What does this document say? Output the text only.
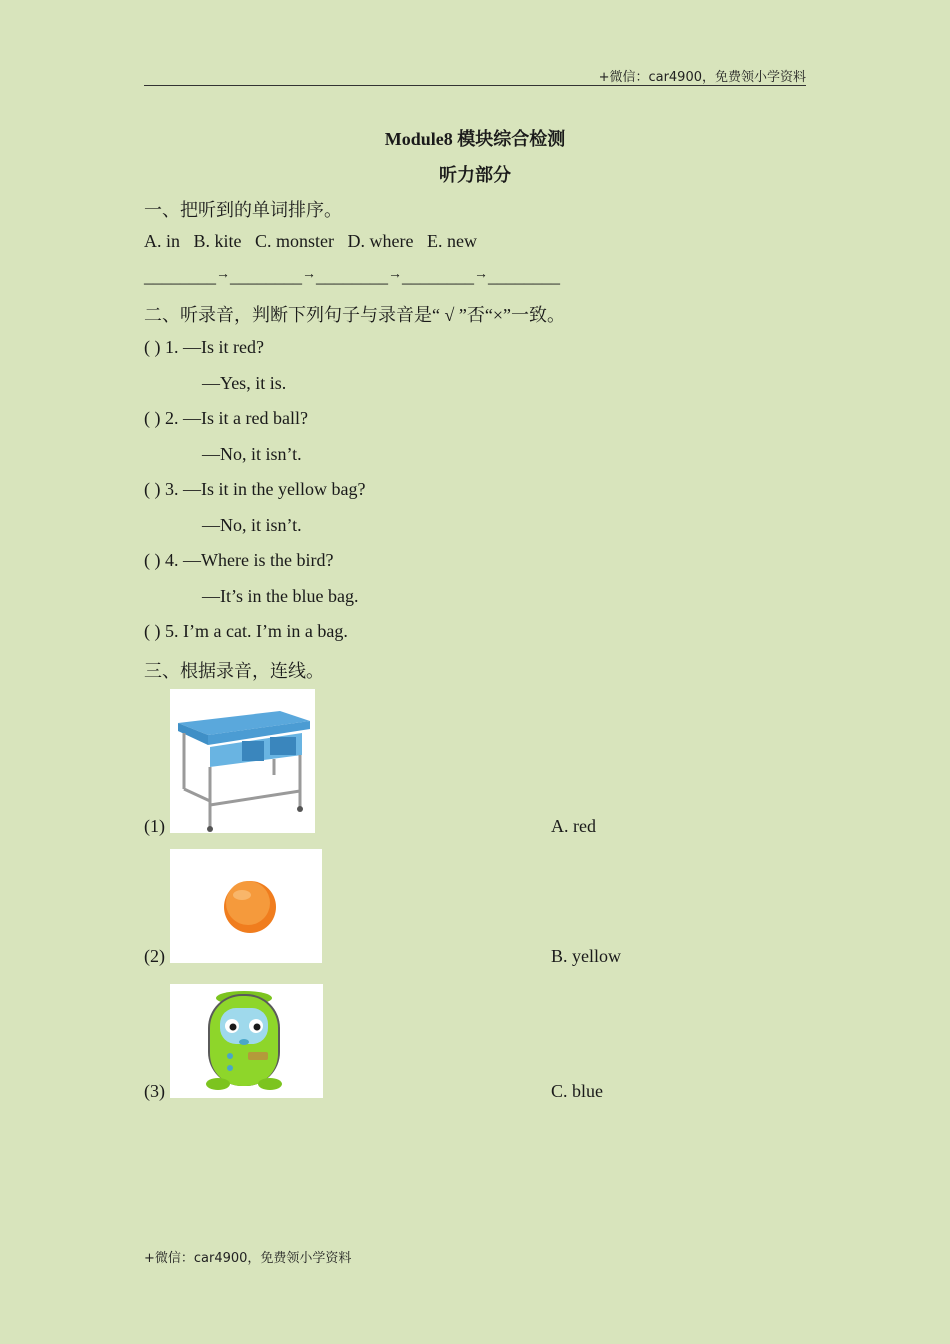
+微信：car4900，免费领小学资料
Module8 模块综合检测
听力部分
一、把听到的单词排序。
A. in   B. kite   C. monster   D. where   E. new
________→________→________→________→________
二、听录音，判断下列句子与录音是“ √ ”否“×”一致。
( ) 1. —Is it red?
—Yes, it is.
( ) 2. —Is it a red ball?
—No, it isn’t.
( ) 3. —Is it in the yellow bag?
—No, it isn’t.
( ) 4. —Where is the bird?
—It’s in the blue bag.
( ) 5. I’m a cat. I’m in a bag.
三、根据录音，连线。
(1)	A. red
(2)	B. yellow
(3)	C. blue
+微信：car4900，免费领小学资料
